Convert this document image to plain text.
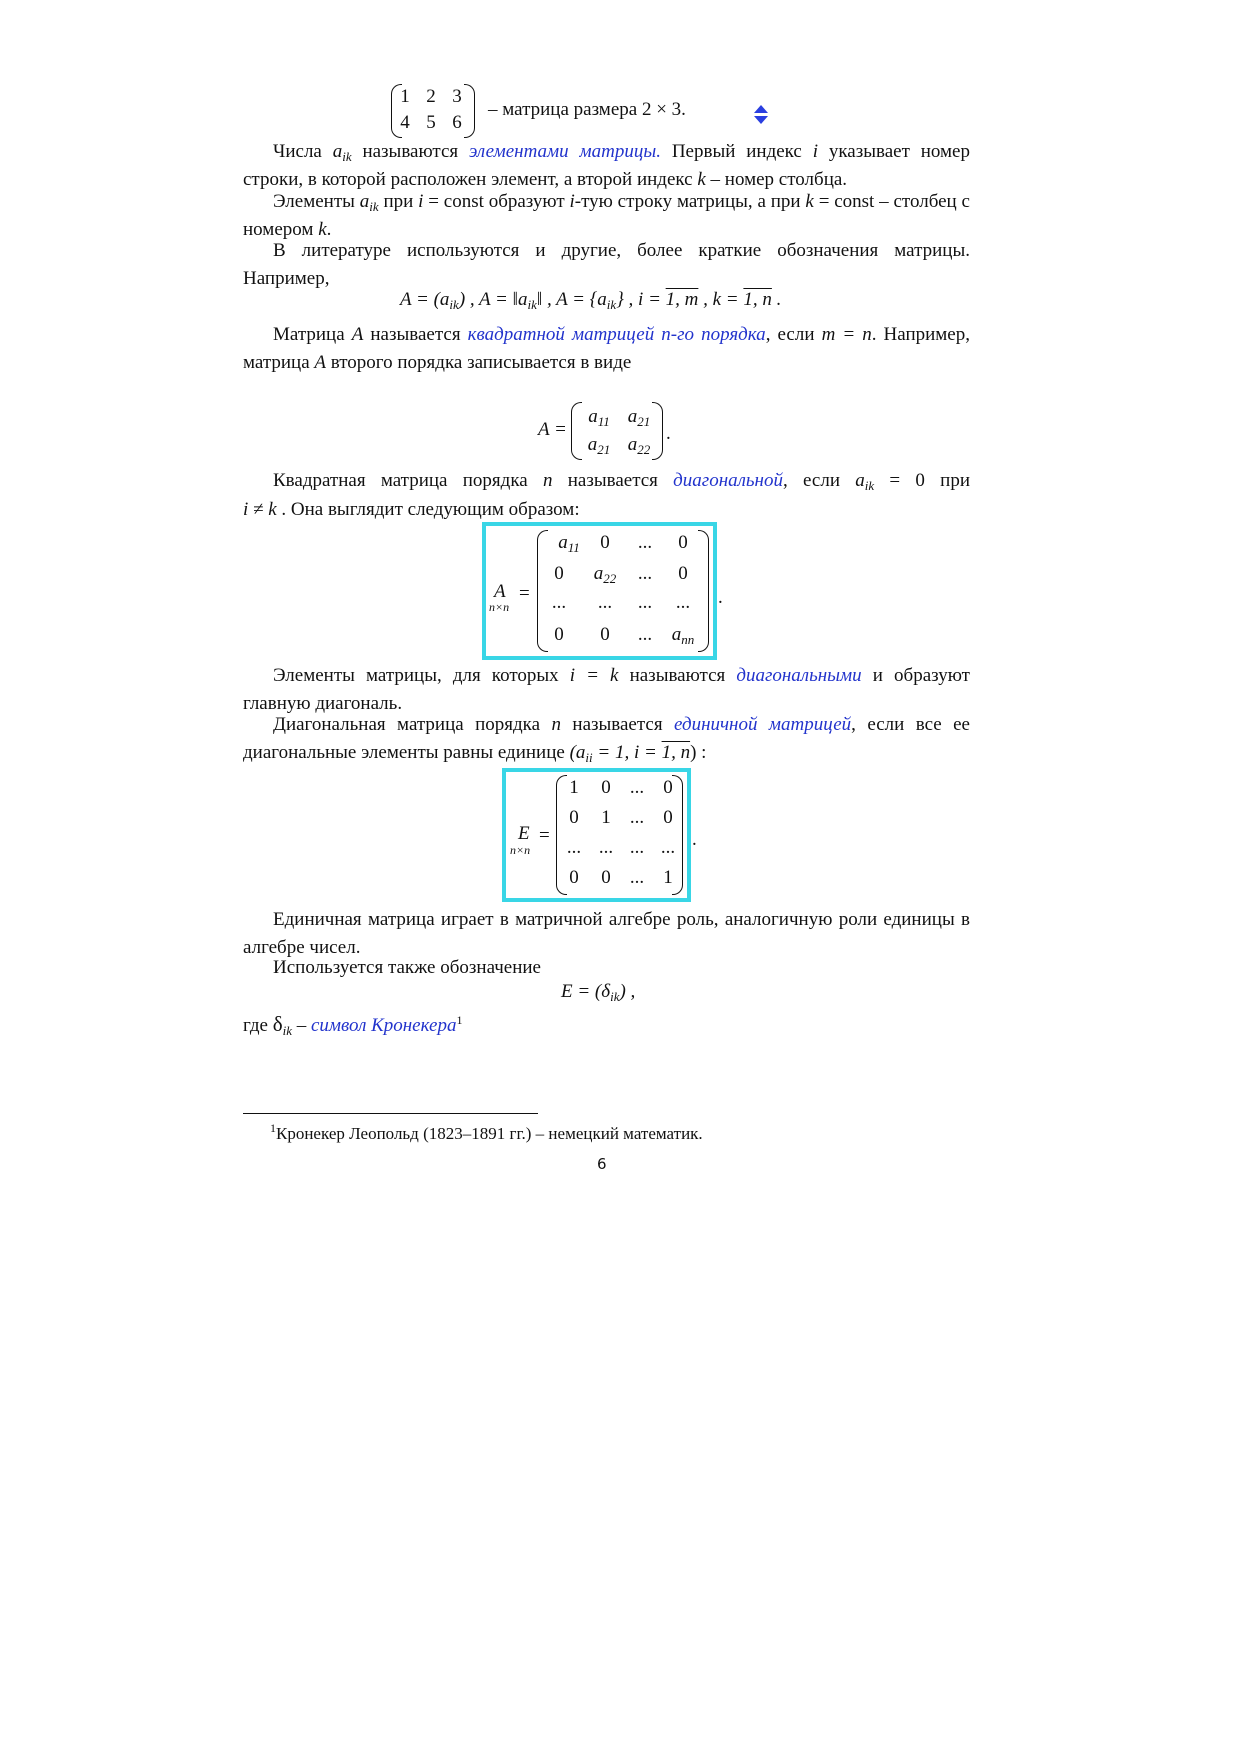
1 2 3
4 5 6
– матрица размера 2 × 3.
Числа $a_{ik}$ называются элементами матрицы. Первый индекс i указывает номер строки, в которой расположен элемент, а второй индекс k – номер столбца.
Элементы $a_{ik}$ при i = const образуют i-тую строку матрицы, а при k = const – столбец с номером k.
В литературе используются и другие, более краткие обозначения матрицы. Например,
$A = (a_{ik})$ , $A = ‖a_{ik}‖$ , $A = \{a_{ik}\}$ , i = 1, m , k = 1, n .
Матрица A называется квадратной матрицей n-го порядка, если m = n. Например, матрица A второго порядка записывается в виде
A =
$a_{11}$ $a_{21}$
$a_{21}$ $a_{22}$
.
Квадратная матрица порядка n называется диагональной, если $a_{ik} = 0$ при
i ≠ k . Она выглядит следующим образом:
A
n×n
=
$a_{11}$	0	...	0
0	$a_{22}$	...	0
...	...	...	...
0	0	...	$a_{nn}$
.
Элементы матрицы, для которых i = k называются диагональными и образуют главную диагональ.
Диагональная матрица порядка n называется единичной матрицей, если все ее диагональные элементы равны единице ($a_{ii} = 1$, i = 1, n) :
E
n×n
=
1	0	...	0
0	1	...	0
... ... ... ...
0	0	...	1
.
Единичная матрица играет в матричной алгебре роль, аналогичную роли единицы в алгебре чисел.
Используется также обозначение
$E = (\delta_{ik})$ ,
где $\delta_{ik}$ – символ Кронекера$^1$
$^1$Кронекер Леопольд (1823–1891 гг.) – немецкий математик.
6
